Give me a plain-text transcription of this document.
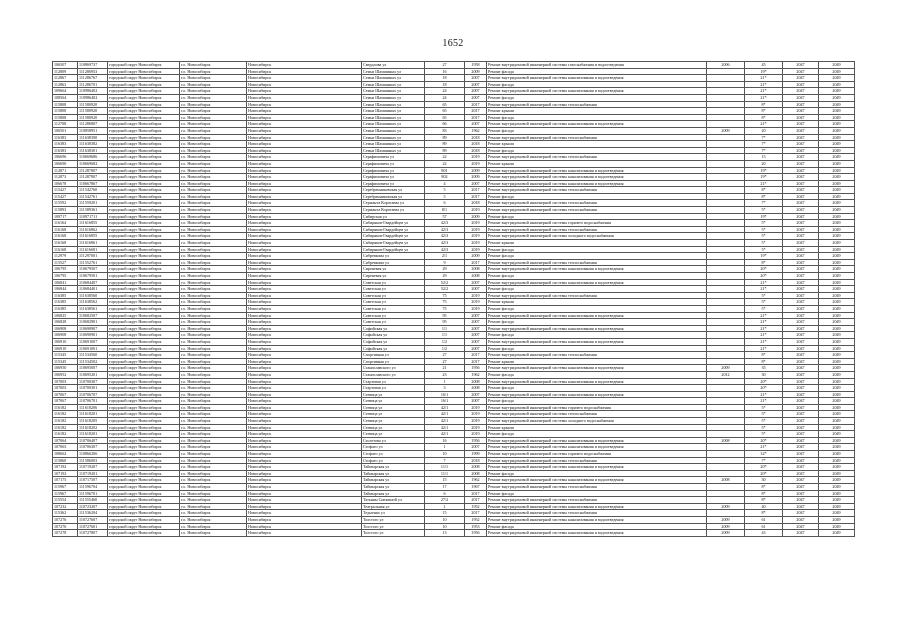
1652
106507	110869737	городской округ Новосибирск	г.о. Новосибирск	Новосибирск	Свердлова ул	27	1958	Ремонт внутридомовой инженерной системы газоснабжения и водоотведения	2006	45	2047	2049
112809	111286953	городской округ Новосибирск	г.о. Новосибирск	Новосибирск	Семьи Шамшиных ул	16	2009	Ремонт фасада		19*	2047	2049
112867	111286767	городской округ Новосибирск	г.о. Новосибирск	Новосибирск	Семьи Шамшиных ул	18	2007	Ремонт внутридомовой инженерной системы канализования и водоотведения		21*	2047	2049
112863	111286701	городской округ Новосибирск	г.о. Новосибирск	Новосибирск	Семьи Шамшиных ул	18	2007	Ремонт фасада		21*	2047	2049
109664	110986402	городской округ Новосибирск	г.о. Новосибирск	Новосибирск	Семьи Шамшиных ул	24	2007	Ремонт внутридомовой инженерной системы канализования и водоотведения		21*	2047	2049
108564	110986402	городской округ Новосибирск	г.о. Новосибирск	Новосибирск	Семьи Шамшиных ул	24	2007	Ремонт фасада		21*	2047	2049
115808	111580920	городской округ Новосибирск	г.о. Новосибирск	Новосибирск	Семьи Шамшиных ул	65	2017	Ремонт внутридомовой инженерной системы теплоснабжения		8*	2047	2049
115808	111580920	городской округ Новосибирск	г.о. Новосибирск	Новосибирск	Семьи Шамшиных ул	65	2017	Ремонт крыши		8*	2047	2049
115808	111580920	городской округ Новосибирск	г.о. Новосибирск	Новосибирск	Семьи Шамшиных ул	65	2017	Ремонт фасада		8*	2047	2049
112708	111286807	городской округ Новосибирск	г.о. Новосибирск	Новосибирск	Семьи Шамшиных ул	66	2007	Ремонт внутридомовой инженерной системы канализования и водоотведения		21*	2047	2049
106501	110858951	городской округ Новосибирск	г.о. Новосибирск	Новосибирск	Семьи Шамшиных ул	83	1962	Ремонт фасада	2009	20	2047	2049
116383	111638390	городской округ Новосибирск	г.о. Новосибирск	Новосибирск	Семьи Шамшиных ул	89	2018	Ремонт внутридомовой инженерной системы теплоснабжения		7*	2047	2049
116383	111638382	городской округ Новосибирск	г.о. Новосибирск	Новосибирск	Семьи Шамшиных ул	89	2018	Ремонт крыши		7*	2047	2049
116383	111638301	городской округ Новосибирск	г.о. Новосибирск	Новосибирск	Семьи Шамшиных ул	89	2018	Ремонт фасада		7*	2047	2049
106696	110669686	городской округ Новосибирск	г.о. Новосибирск	Новосибирск	Серафимовича ул	22	2019	Ремонт внутридомовой инженерной системы теплоснабжения		15	2047	2049
106690	110669682	городской округ Новосибирск	г.о. Новосибирск	Новосибирск	Серафимовича ул	22	2019	Ремонт крыши		20	2047	2049
112871	111287807	городской округ Новосибирск	г.о. Новосибирск	Новосибирск	Серафимовича ул	801	2009	Ремонт внутридомовой инженерной системы канализования и водоотведения		19*	2047	2049
112873	111287807	городской округ Новосибирск	г.о. Новосибирск	Новосибирск	Серафимовича ул	802	2009	Ремонт внутридомовой инженерной системы канализования и водоотведения		19*	2047	2049
106678	110667867	городской округ Новосибирск	г.о. Новосибирск	Новосибирск	Серафимовича ул	4	2007	Ремонт внутридомовой инженерной системы канализования и водоотведения		21*	2047	2049
115427	111542760	городской округ Новосибирск	г.о. Новосибирск	Новосибирск	Серебренниковская ул	5	2017	Ремонт внутридомовой инженерной системы теплоснабжения		8*	2047	2049
115427	111542761	городской округ Новосибирск	г.о. Новосибирск	Новосибирск	Серебренниковская ул	5	2017	Ремонт фасада		8*	2047	2049
115592	111559201	городской округ Новосибирск	г.о. Новосибирск	Новосибирск	Сержанта Коротаева ул	6	2018	Ремонт внутридомовой инженерной системы теплоснабжения		7*	2047	2049
115893	111589361	городской округ Новосибирск	г.о. Новосибирск	Новосибирск	Сержанта Коротаева ул	8/1	2019	Ремонт внутридомовой инженерной системы теплоснабжения		5*	2047	2049
109717	110971711	городской округ Новосибирск	г.о. Новосибирск	Новосибирск	Сибирская ул	57	2009	Ремонт фасада		19*	2047	2049
116164	111616855	городской округ Новосибирск	г.о. Новосибирск	Новосибирск	Сибиряков-Гвардейцев ул	42/3	2019	Ремонт внутридомовой инженерной системы горячего водоснабжения		5*	2047	2049
116168	111616862	городской округ Новосибирск	г.о. Новосибирск	Новосибирск	Сибиряков-Гвардейцев ул	42/3	2019	Ремонт внутридомовой инженерной системы теплоснабжения		5*	2047	2049
116168	111616855	городской округ Новосибирск	г.о. Новосибирск	Новосибирск	Сибиряков-Гвардейцев ул	42/3	2019	Ремонт внутридомовой инженерной системы холодного водоснабжения		5*	2047	2049
116168	111616861	городской округ Новосибирск	г.о. Новосибирск	Новосибирск	Сибиряков-Гвардейцев ул	42/3	2019	Ремонт крыши		5*	2047	2049
116168	111616681	городской округ Новосибирск	г.о. Новосибирск	Новосибирск	Сибиряков-Гвардейцев ул	42/3	2019	Ремонт фасада		5*	2047	2049
112979	111297001	городской округ Новосибирск	г.о. Новосибирск	Новосибирск	Сибревкома ул	2/1	2009	Ремонт фасада		19*	2047	2049
115527	111552761	городской округ Новосибирск	г.о. Новосибирск	Новосибирск	Сибревкома ул	9	2017	Ремонт внутридомовой инженерной системы теплоснабжения		8*	2047	2049
106795	110679507	городской округ Новосибирск	г.о. Новосибирск	Новосибирск	Сиреневая ул	29	2008	Ремонт внутридомовой инженерной системы канализования и водоотведения		20*	2047	2049
106795	110679501	городской округ Новосибирск	г.о. Новосибирск	Новосибирск	Сиреневая ул	29	2008	Ремонт фасада		20*	2047	2049
106841	110684407	городской округ Новосибирск	г.о. Новосибирск	Новосибирск	Советская ул	52/2	2007	Ремонт внутридомовой инженерной системы канализования и водоотведения		21*	2047	2049
106844	110684401	городской округ Новосибирск	г.о. Новосибирск	Новосибирск	Советская ул	52/2	2007	Ремонт фасада		21*	2047	2049
116385	111638560	городской округ Новосибирск	г.о. Новосибирск	Новосибирск	Советская ул	75	2019	Ремонт внутридомовой инженерной системы теплоснабжения		5*	2047	2049
116385	111638562	городской округ Новосибирск	г.о. Новосибирск	Новосибирск	Советская ул	75	2019	Ремонт крыши		5*	2047	2049
116385	111638561	городской округ Новосибирск	г.о. Новосибирск	Новосибирск	Советская ул	75	2019	Ремонт фасада		5*	2047	2049
106825	110682507	городской округ Новосибирск	г.о. Новосибирск	Новосибирск	Советская ул	95	2007	Ремонт внутридомовой инженерной системы канализования и водоотведения		21*	2047	2049
106828	110682901	городской округ Новосибирск	г.о. Новосибирск	Новосибирск	Советская ул	95	2007	Ремонт фасада		21*	2047	2049
106908	110690907	городской округ Новосибирск	г.о. Новосибирск	Новосибирск	Софийская ул	1/1	2007	Ремонт внутридомовой инженерной системы канализования и водоотведения		21*	2047	2049
106908	110690901	городской округ Новосибирск	г.о. Новосибирск	Новосибирск	Софийская ул	1/1	2007	Ремонт фасада		21*	2047	2049
106910	110691007	городской округ Новосибирск	г.о. Новосибирск	Новосибирск	Софийская ул	1/2	2007	Ремонт внутридомовой инженерной системы канализования и водоотведения		21*	2047	2049
106910	110691001	городской округ Новосибирск	г.о. Новосибирск	Новосибирск	Софийская ул	1/2	2007	Ремонт фасада		21*	2047	2049
115345	111534560	городской округ Новосибирск	г.о. Новосибирск	Новосибирск	Спортивная ул	27	2017	Ремонт внутридомовой инженерной системы теплоснабжения		8*	2047	2049
115345	111534502	городской округ Новосибирск	г.о. Новосибирск	Новосибирск	Спортивная ул	27	2017	Ремонт крыши		8*	2047	2049
106950	110695007	городской округ Новосибирск	г.о. Новосибирск	Новосибирск	Станиславского ул	21	1956	Ремонт внутридомовой инженерной системы канализования и водоотведения	2009	35	2047	2049
106952	110695201	городской округ Новосибирск	г.о. Новосибирск	Новосибирск	Станиславского ул	23	1962	Ремонт фасада	2012	30	2047	2049
107003	110700307	городской округ Новосибирск	г.о. Новосибирск	Новосибирск	Стартовая ул	1	2008	Ремонт внутридомовой инженерной системы канализования и водоотведения		20*	2047	2049
107003	110700301	городской округ Новосибирск	г.о. Новосибирск	Новосибирск	Стартовая ул	3	2008	Ремонт фасада		20*	2047	2049
107067	110706707	городской округ Новосибирск	г.о. Новосибирск	Новосибирск	Стевица ул	16/1	2007	Ремонт внутридомовой инженерной системы канализования и водоотведения		21*	2047	2049
107067	110706701	городской округ Новосибирск	г.о. Новосибирск	Новосибирск	Стевица ул	16/1	2007	Ремонт фасада		21*	2047	2049
116182	111618206	городской округ Новосибирск	г.о. Новосибирск	Новосибирск	Стевица ул	42/1	2019	Ремонт внутридомовой инженерной системы горячего водоснабжения		5*	2047	2049
116182	111618201	городской округ Новосибирск	г.о. Новосибирск	Новосибирск	Стевица ул	42/1	2019	Ремонт внутридомовой инженерной системы теплоснабжения		5*	2047	2049
116182	111618205	городской округ Новосибирск	г.о. Новосибирск	Новосибирск	Стевица ул	42/1	2019	Ремонт внутридомовой инженерной системы холодного водоснабжения		5*	2047	2049
116182	111618202	городской округ Новосибирск	г.о. Новосибирск	Новосибирск	Стевица ул	42/1	2019	Ремонт крыши		5*	2047	2049
116182	111618201	городской округ Новосибирск	г.о. Новосибирск	Новосибирск	Стевица ул	42/1	2019	Ремонт фасада		5*	2047	2049
107064	110706407	городской округ Новосибирск	г.о. Новосибирск	Новосибирск	Столетова ул	16	1956	Ремонт внутридомовой инженерной системы канализования и водоотведения	2008	20*	2047	2049
107063	110706307	городской округ Новосибирск	г.о. Новосибирск	Новосибирск	Стофато ул	1	2007	Ремонт внутридомовой инженерной системы канализования и водоотведения		21*	2047	2049
108662	110866206	городской округ Новосибирск	г.о. Новосибирск	Новосибирск	Стофато ул	10	1999	Ремонт внутридомовой инженерной системы горячего водоснабжения		32*	2047	2049
115860	111586003	городской округ Новосибирск	г.о. Новосибирск	Новосибирск	Стофато ул	7	2018	Ремонт внутридомовой инженерной системы теплоснабжения		7*	2047	2049
107192	110719207	городской округ Новосибирск	г.о. Новосибирск	Новосибирск	Таймырская ул	11/1	2008	Ремонт внутридомовой инженерной системы канализования и водоотведения		20*	2047	2049
107192	110719201	городской округ Новосибирск	г.о. Новосибирск	Новосибирск	Таймырская ул	11/1	2008	Ремонт фасада		20*	2047	2049
107175	110717507	городской округ Новосибирск	г.о. Новосибирск	Новосибирск	Таймырская ул	15	1962	Ремонт внутридомовой инженерной системы канализования и водоотведения	2008	30	2047	2049
115967	111596704	городской округ Новосибирск	г.о. Новосибирск	Новосибирск	Таймырская ул	17	1967	Ремонт внутридомовой инженерной системы теплоснабжения		8*	2047	2049
115967	111596701	городской округ Новосибирск	г.о. Новосибирск	Новосибирск	Таймырская ул	6	2017	Ремонт фасада		8*	2047	2049
115554	111555460	городской округ Новосибирск	г.о. Новосибирск	Новосибирск	Татьяны Снежиной ул	27/2	2017	Ремонт внутридомовой инженерной системы теплоснабжения		8*	2047	2049
107232	110723207	городской округ Новосибирск	г.о. Новосибирск	Новосибирск	Театральная ул	1	1952	Ремонт внутридомовой инженерной системы канализования и водоотведения	2009	40	2047	2049
115362	111536204	городской округ Новосибирск	г.о. Новосибирск	Новосибирск	Тедыенко ул	15	2017	Ремонт внутридомовой инженерной системы теплоснабжения		8*	2047	2049
107276	110727607	городской округ Новосибирск	г.о. Новосибирск	Новосибирск	Толстого ул	10	1952	Ремонт внутридомовой инженерной системы канализования и водоотведения	2009	61	2047	2049
107276	110727601	городской округ Новосибирск	г.о. Новосибирск	Новосибирск	Толстого ул	10	1953	Ремонт фасада	2009	61	2047	2049
107278	110727807	городской округ Новосибирск	г.о. Новосибирск	Новосибирск	Толстого ул	13	1956	Ремонт внутридомовой инженерной системы канализования и водоотведения	2009	43	2047	2049
